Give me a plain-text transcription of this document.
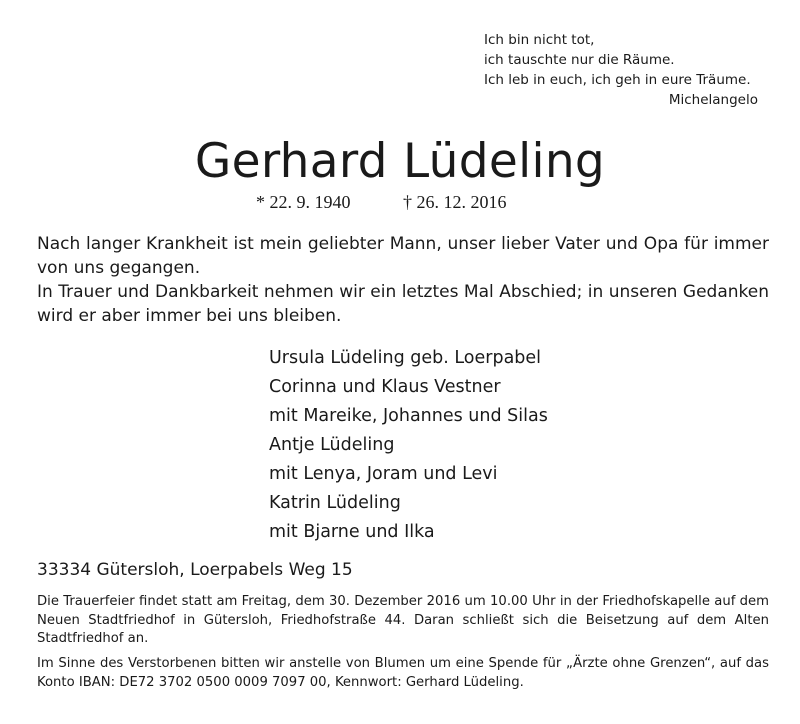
Ich bin nicht tot,
ich tauschte nur die Räume.
Ich leb in euch, ich geh in eure Träume.
Michelangelo
Gerhard Lüdeling
* 22. 9. 1940	† 26. 12. 2016

Nach langer Krankheit ist mein geliebter Mann, unser lieber Vater und Opa für immer von uns gegangen.

In Trauer und Dankbarkeit nehmen wir ein letztes Mal Abschied; in unseren Gedanken wird er aber immer bei uns bleiben.

Ursula Lüdeling geb. Loerpabel
Corinna und Klaus Vestner
mit Mareike, Johannes und Silas
Antje Lüdeling
mit Lenya, Joram und Levi
Katrin Lüdeling
mit Bjarne und Ilka
33334 Gütersloh, Loerpabels Weg 15

Die Trauerfeier findet statt am Freitag, dem 30. Dezember 2016 um 10.00 Uhr in der Friedhofskapelle auf dem Neuen Stadtfriedhof in Gütersloh, Friedhofstraße 44. Daran schließt sich die Beisetzung auf dem Alten Stadtfriedhof an.

Im Sinne des Verstorbenen bitten wir anstelle von Blumen um eine Spende für „Ärzte ohne Grenzen“, auf das Konto IBAN: DE72 3702 0500 0009 7097 00, Kennwort: Gerhard Lüdeling.
